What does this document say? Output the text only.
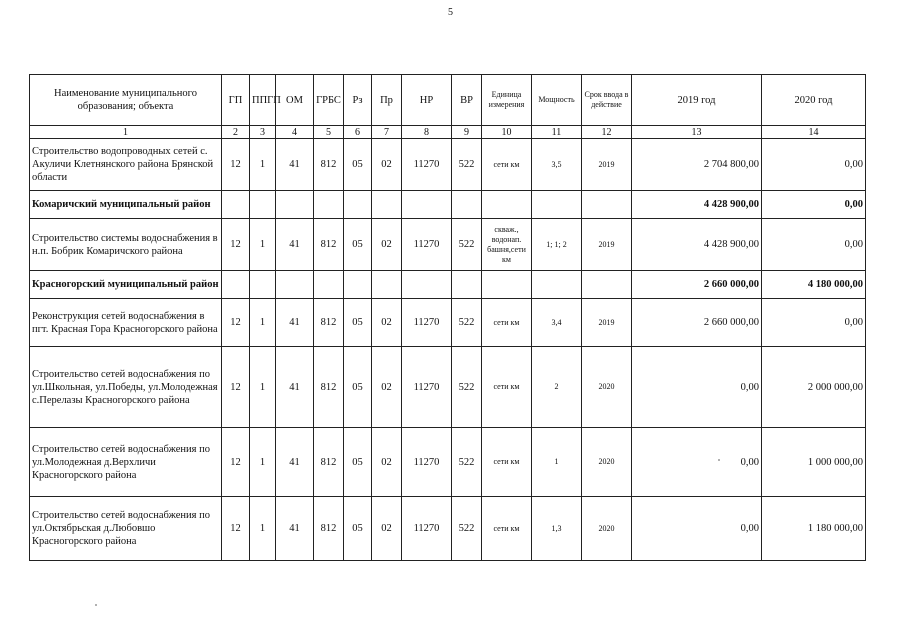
5
Наименование муниципального образования; объекта	ГП	ППГП	ОМ	ГРБС	Рз	Пр	НР	ВР	Единица измерения	Мощность	Срок ввода в действие	2019 год	2020 год
1	2	3	4	5	6	7	8	9	10	11	12	13	14
Строительство водопроводных сетей с. Акуличи Клетнянского района Брянской области	12	1	41	812	05	02	11270	522	сети км	3,5	2019	2 704 800,00	0,00
Комаричский муниципальный район												4 428 900,00	0,00
Строительство системы водоснабжения в н.п. Бобрик Комаричского района	12	1	41	812	05	02	11270	522	скваж., водонап. башня,сети км	1; 1; 2	2019	4 428 900,00	0,00
Красногорский муниципальный район												2 660 000,00	4 180 000,00
Реконструкция сетей водоснабжения в пгт. Красная Гора Красногорского района	12	1	41	812	05	02	11270	522	сети км	3,4	2019	2 660 000,00	0,00
Строительство сетей водоснабжения по ул.Школьная, ул.Победы, ул.Молодежная с.Перелазы Красногорского района	12	1	41	812	05	02	11270	522	сети км	2	2020	0,00	2 000 000,00
Строительство сетей водоснабжения по ул.Молодежная д.Верхличи Красногорского района	12	1	41	812	05	02	11270	522	сети км	1	2020	0,00	1 000 000,00
Строительство сетей водоснабжения по ул.Октябрьская д.Любовшо Красногорского района	12	1	41	812	05	02	11270	522	сети км	1,3	2020	0,00	1 180 000,00
